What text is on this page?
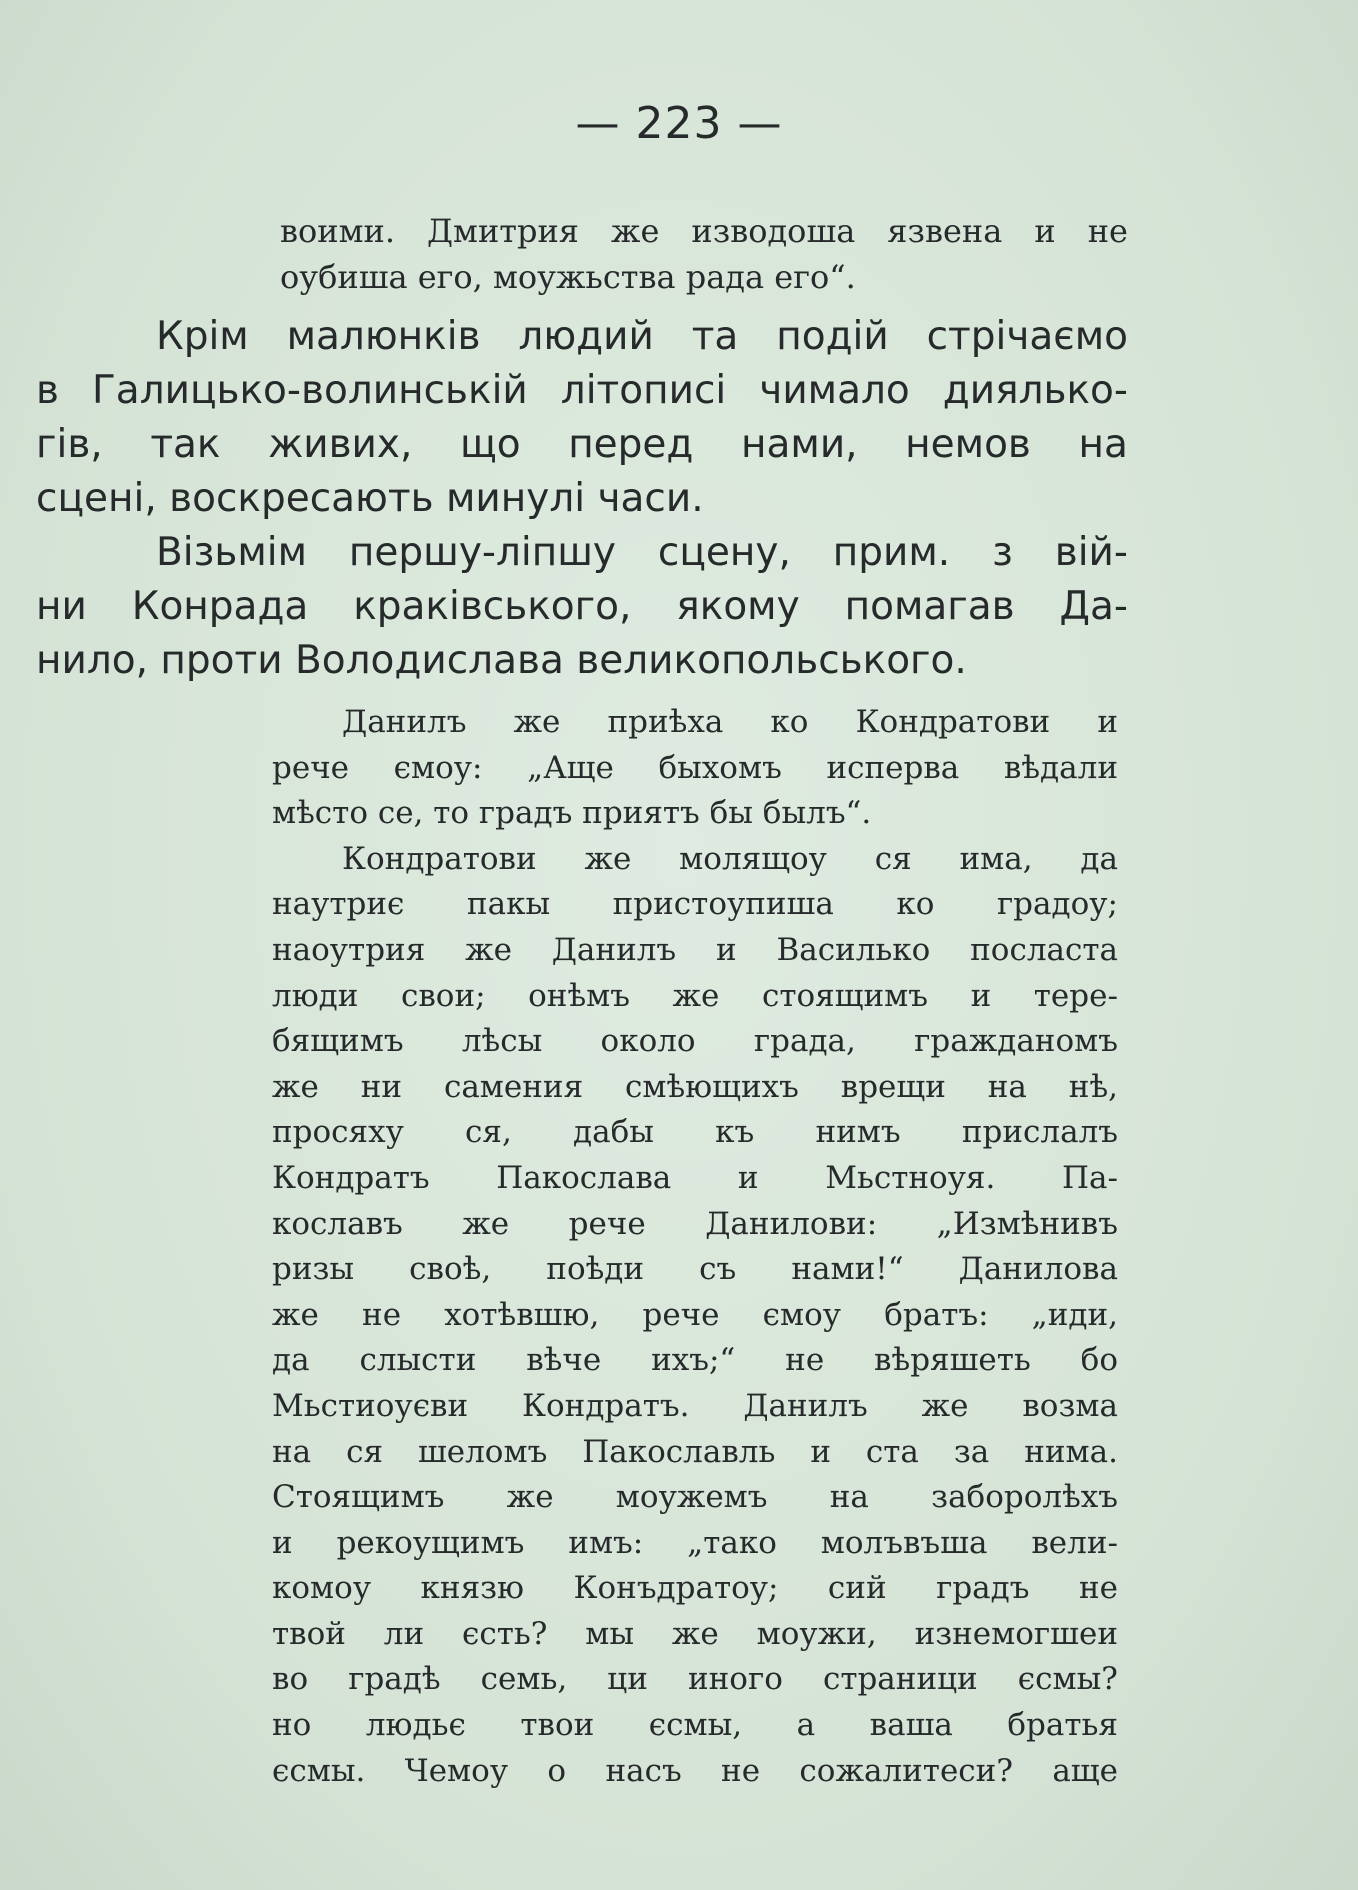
— 223 —

воими. Дмитрия же изводоша язвена и не

оубиша его, моужьства рада его“.

Крім малюнків людий та подій стрічаємо

в Галицько-волинській літописі чимало диялько-

гів, так живих, що перед нами, немов на

сцені, воскресають минулі часи.

Візьмім першу-ліпшу сцену, прим. з вій-

ни Конрада краківського, якому помагав Да-

нило, проти Володислава великопольського.

Данилъ же приѣха ко Кондратови и

рече ємоу: „Аще быхомъ исперва вѣдали

мѣсто се, то градъ приятъ бы былъ“.

Кондратови же молящоу ся има, да

наутриє пакы пристоупиша ко градоу;

наоутрия же Данилъ и Василько посласта

люди свои; онѣмъ же стоящимъ и тере-

бящимъ лѣсы около града, гражданомъ

же ни самения смѣющихъ врещи на нѣ,

просяху ся, дабы къ нимъ прислалъ

Кондратъ Пакослава и Мьстноуя. Па-

кославъ же рече Данилови: „Измѣнивъ

ризы своѣ, поѣди съ нами!“ Данилова

же не хотѣвшю, рече ємоу братъ: „иди,

да слысти вѣче ихъ;“ не вѣряшеть бо

Мьстиоуєви Кондратъ. Данилъ же возма

на ся шеломъ Пакославль и ста за нима.

Стоящимъ же моужемъ на заборолѣхъ

и рекоущимъ имъ: „тако молъвъша вели-

комоу князю Конъдратоу; сий градъ не

твой ли єсть? мы же моужи, изнемогшеи

во градѣ семь, ци иного страници єсмы?

но людьє твои єсмы, а ваша братья

єсмы. Чемоу о насъ не сожалитеси? аще
